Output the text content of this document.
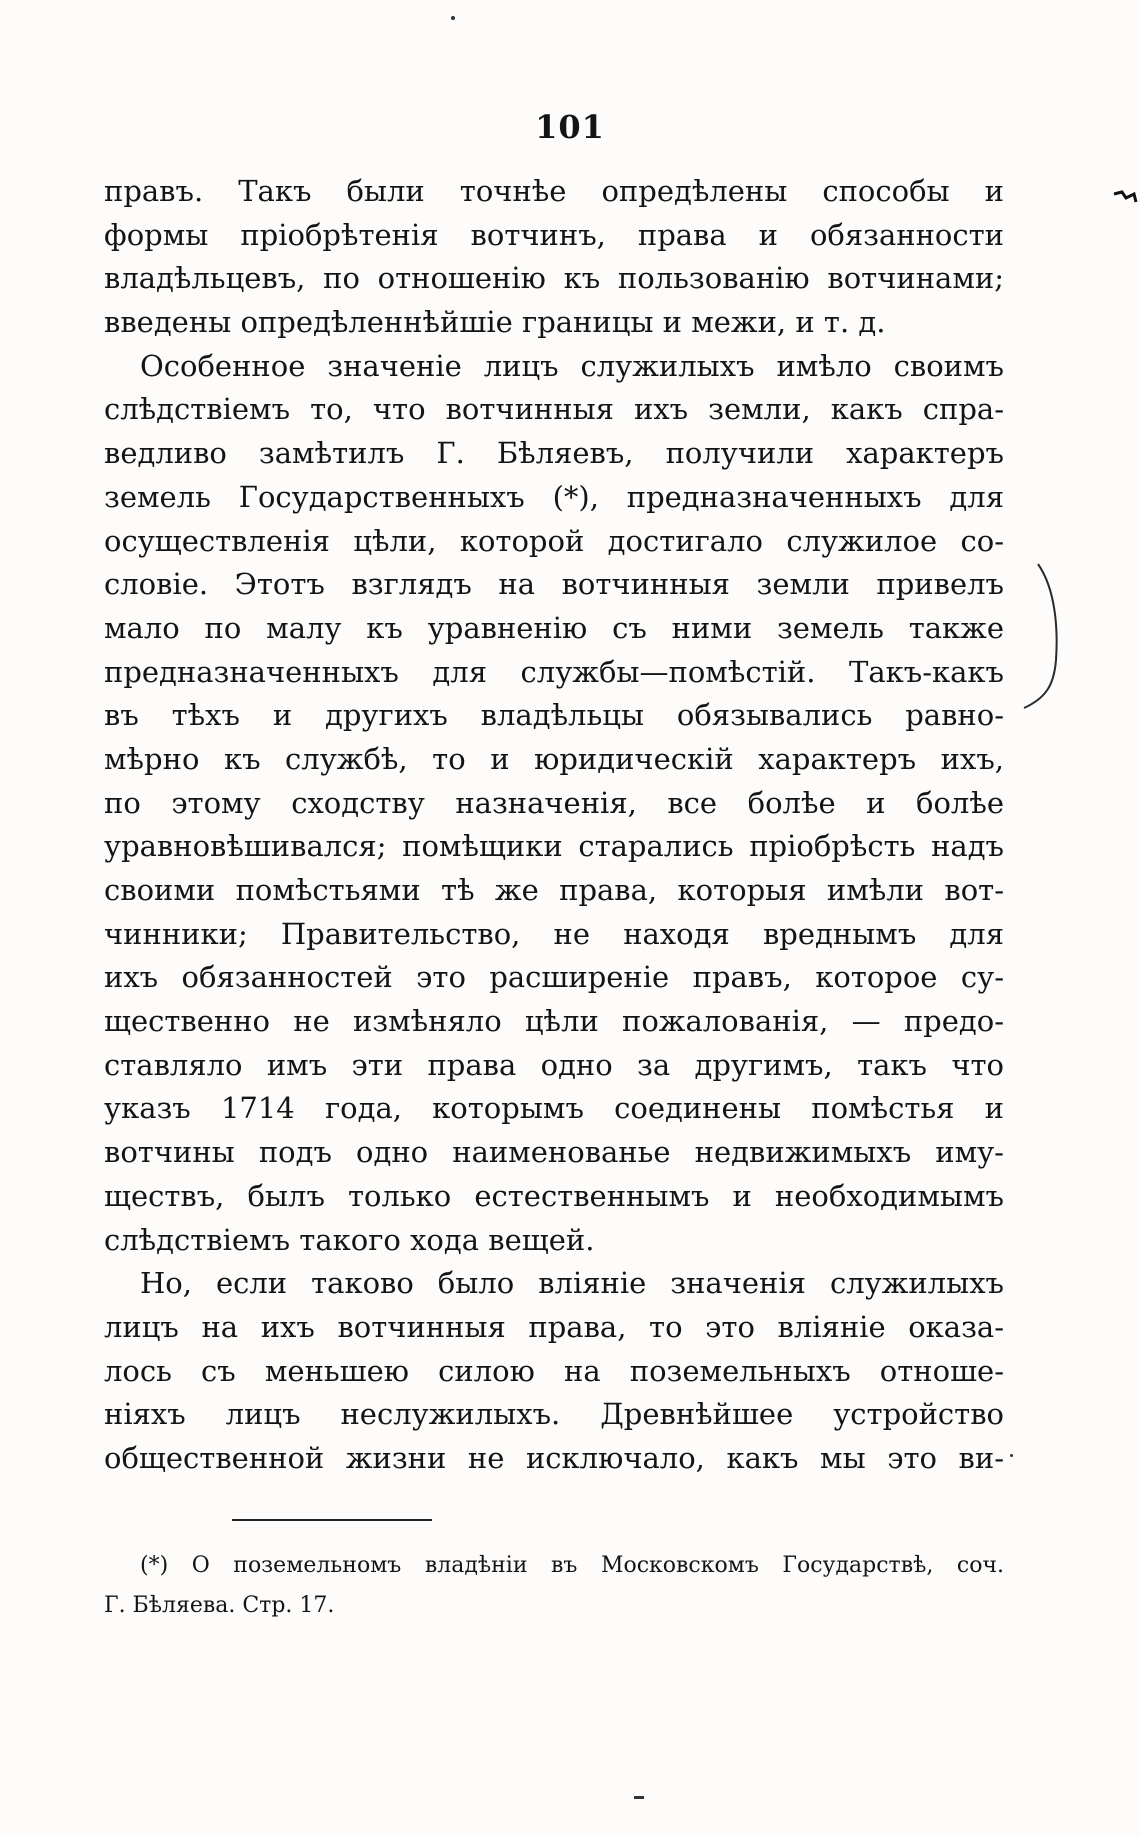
101
правъ. Такъ были точнѣе опредѣлены способы и
формы пріобрѣтенія вотчинъ, права и обязанности
владѣльцевъ, по отношенію къ пользованію вотчинами;
введены опредѣленнѣйшіе границы и межи, и т. д.
Особенное значеніе лицъ служилыхъ имѣло своимъ
слѣдствіемъ то, что вотчинныя ихъ земли, какъ спра-
ведливо замѣтилъ Г. Бѣляевъ, получили характеръ
земель Государственныхъ (*), предназначенныхъ для
осуществленія цѣли, которой достигало служилое со-
словіе. Этотъ взглядъ на вотчинныя земли привелъ
мало по малу къ уравненію съ ними земель также
предназначенныхъ для службы—помѣстій. Такъ-какъ
въ тѣхъ и другихъ владѣльцы обязывались равно-
мѣрно къ службѣ, то и юридическій характеръ ихъ,
по этому сходству назначенія, все болѣе и болѣе
уравновѣшивался; помѣщики старались пріобрѣсть надъ
своими помѣстьями тѣ же права, которыя имѣли вот-
чинники; Правительство, не находя вреднымъ для
ихъ обязанностей это расширеніе правъ, которое су-
щественно не измѣняло цѣли пожалованія, — предо-
ставляло имъ эти права одно за другимъ, такъ что
указъ 1714 года, которымъ соединены помѣстья и
вотчины подъ одно наименованье недвижимыхъ иму-
ществъ, былъ только естественнымъ и необходимымъ
слѣдствіемъ такого хода вещей.
Но, если таково было вліяніе значенія служилыхъ
лицъ на ихъ вотчинныя права, то это вліяніе оказа-
лось съ меньшею силою на поземельныхъ отноше-
ніяхъ лицъ неслужилыхъ. Древнѣйшее устройство
общественной жизни не исключало, какъ мы это ви-
(*) О поземельномъ владѣніи въ Московскомъ Государствѣ, соч.
Г. Бѣляева. Стр. 17.
